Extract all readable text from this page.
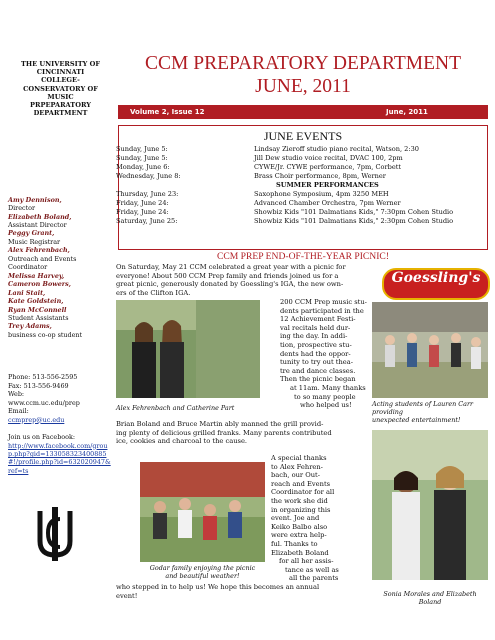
THE UNIVERSITY OF
CINCINNATI
COLLEGE-
CONSERVATORY OF
MUSIC
PRPEPARATORY
DEPARTMENT
Amy Dennison,
Director
Elizabeth Boland,
Assistant Director
Peggy Grant,
Music Registrar
Alex Fehrenbach,
Outreach and Events Coordinator
Melissa Harvey,
Cameron Bowers,
Lani Stait,
Kate Goldstein,
Ryan McConnell
Student Assistants
Trey Adams,
business co-op student
Phone: 513-556-2595
Fax: 513-556-9469
Web:
www.ccm.uc.edu/prep
Email:
ccmprep@uc.edu
Join us on Facebook:
http://www.facebook.com/group.php?gid=133058323400885#!/profile.php?id=632020947&ref=ts
CCM PREPARATORY DEPARTMENT
JUNE, 2011
Volume 2, Issue 12	June, 2011
JUNE EVENTS
Sunday, June 5:	Lindsay Zieroff studio piano recital, Watson, 2:30
Sunday, June 5:	Jill Dew studio voice recital, DVAC 100, 2pm
Monday, June 6:	CYWE/Jr. CYWE performance, 7pm, Corbett
Wednesday, June 8:	Brass Choir performance, 8pm, Werner
SUMMER PERFORMANCES
Thursday, June 23:	Saxophone Symposium, 4pm 3250 MEH
Friday, June 24:	Advanced Chamber Orchestra, 7pm Werner
Friday, June 24:	Showbiz Kids "101 Dalmatians Kids," 7:30pm Cohen Studio
Saturday, June 25:	Showbiz Kids "101 Dalmatians Kids," 2:30pm Cohen Studio
CCM PREP END-OF-THE-YEAR PICNIC!
On Saturday, May 21 CCM celebrated a great year with a picnic for
everyone! About 500 CCM Prep family and friends joined us for a
great picnic, generously donated by Goessling's IGA, the new own-
ers of the Clifton IGA.
Alex Fehrenbach and Catherine Part
200 CCM Prep music stu-
dents participated in the
12 Achievement Festi-
val recitals held dur-
ing the day. In addi-
tion, prospective stu-
dents had the oppor-
tunity to try out thea-
tre and dance classes.
Then the picnic began
at 11am. Many thanks
to so many people
who helped us!
Goessling's
Acting students of Lauren Carr providing
unexpected entertainment!
Brian Boland and Bruce Martin ably manned the grill provid-
ing plenty of delicious grilled franks. Many parents contributed
ice, cookies and charcoal to the cause.
Godar family enjoying the picnic
and beautiful weather!
A special thanks
to Alex Fehren-
bach, our Out-
reach and Events
Coordinator for all
the work she did
in organizing this
event. Joe and
Keiko Balbo also
were extra help-
ful. Thanks to
Elizabeth Boland
for all her assis-
tance as well as
all the parents
who stepped in to help us! We hope this becomes an annual
event!	Sonia Morales and Elizabeth Boland
